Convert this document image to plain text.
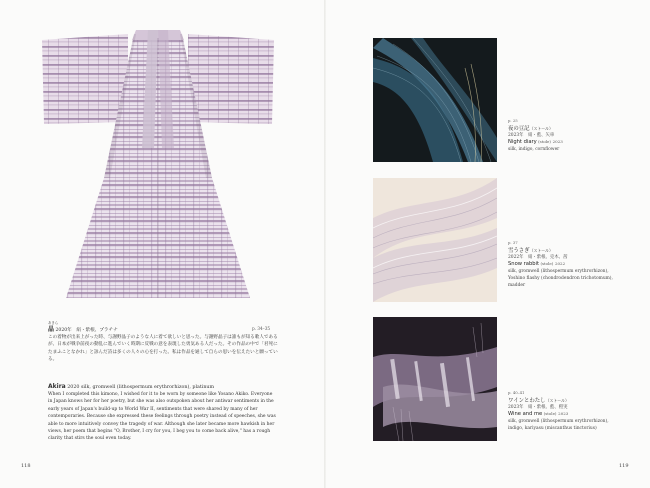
あきら
晶 2020年　絹・紫根、プラチナ	p. 34–35
この着物が出来上がった時、与謝野晶子のような人に着て欲しいと思った。与謝野晶子は誰もが知る歌人であるが、日本が戦争前夜の動乱に進んでいく時期に反戦の意を表現した勇気ある人だった。その作品の中で「君死にたまふことなかれ」と詠んだ詩は多くの人々の心を打った。私は作品を通して自らの思いを伝えたいと願っている。
Akira 2020 silk, gromwell (lithospermum erythrorhizon), platinum
When I completed this kimono, I wished for it to be worn by someone like Yosano Akiko. Everyone in Japan knows her for her poetry, but she was also outspoken about her antiwar sentiments in the early years of Japan's build-up to World War II, sentiments that were shared by many of her contemporaries. Because she expressed these feelings through poetry instead of speeches, she was able to more intuitively convey the tragedy of war. Although she later became more hawkish in her views, her poem that begins "O, Brother, I cry for you, I beg you to come back alive," has a rough clarity that stirs the soul even today.
118
p. 25
夜の豆記（ストール）
2023年　絹・藍、矢車
Night diary (stole) 2023
silk, indigo, cornflower
p. 37
雪うさぎ（ストール）
2022年　絹・紫根、克木、茜
Snow rabbit (stole) 2022
silk, gromwell (lithospermum erythrorhizon), Yoshino flashy (chondrodendron trichotomum), madder
p. 40–41
ワインとわたし（ストール）
2023年　絹・紫根、藍、榿実
Wine and me (stole) 2023
silk, gromwell (lithospermum erythrorhizon), indigo, kariyasu (miscanthus tinctorius)
119
